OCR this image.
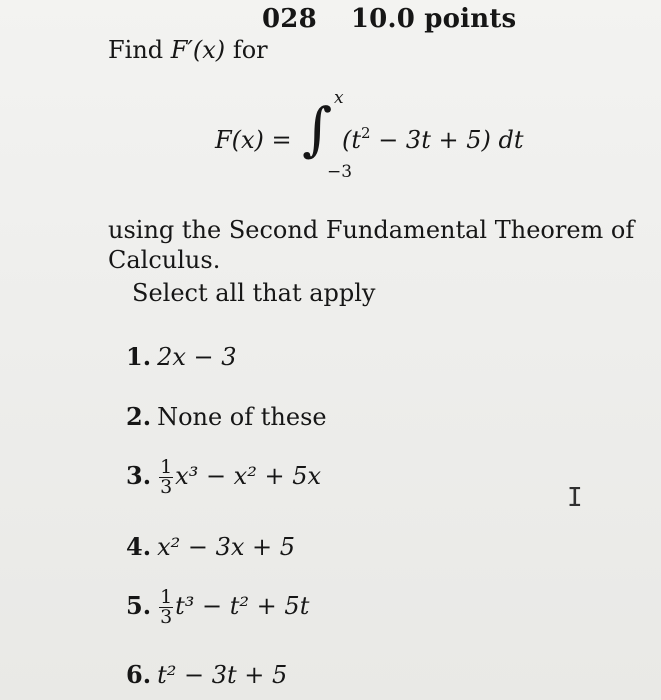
028 10.0 points
Find F′(x) for
F(x) = ∫ x
−3
$(t^2 - 3t + 5)$ dt
using the Second Fundamental Theorem of Calculus.
Select all that apply
1. 2x − 3
2. None of these
3. $\frac{1}{3} x^3 - x^2 + 5x$
4. x² − 3x + 5
5. $\frac{1}{3} t^3 - t^2 + 5t$
6. t² − 3t + 5
I
